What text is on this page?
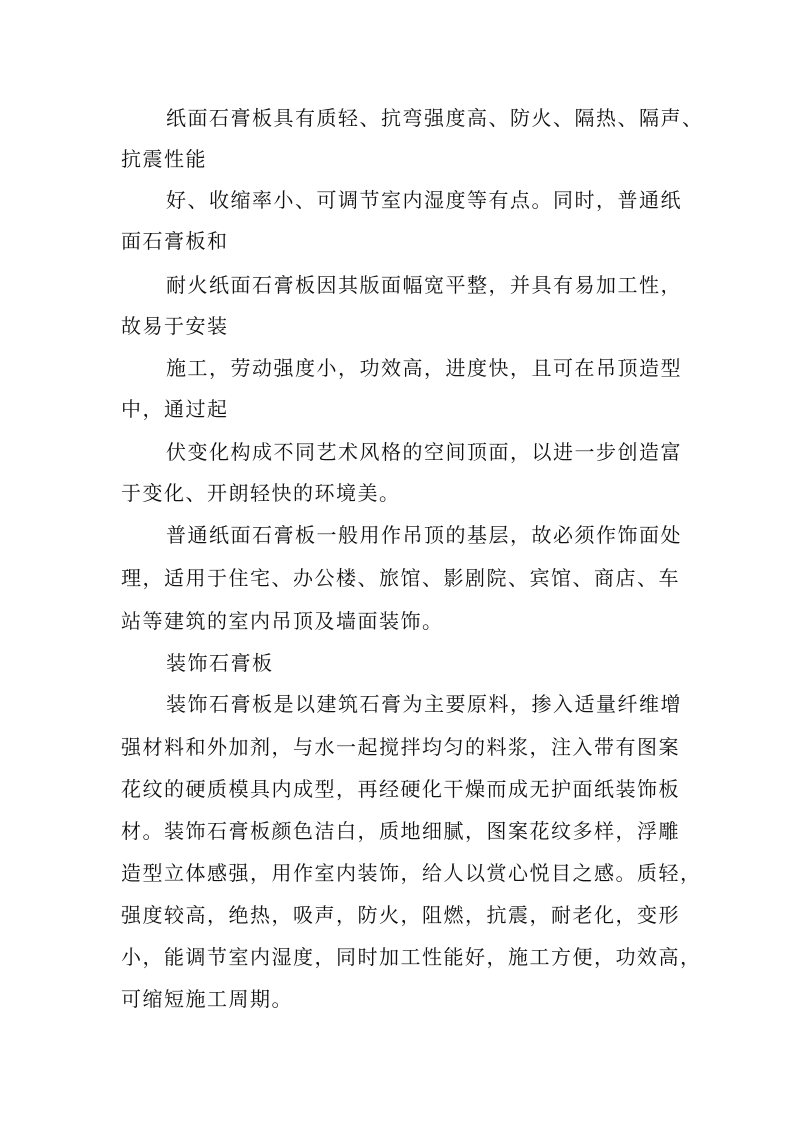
纸面石膏板具有质轻、抗弯强度高、防火、隔热、隔声、
抗震性能
好、收缩率小、可调节室内湿度等有点。同时，普通纸
面石膏板和
耐火纸面石膏板因其版面幅宽平整，并具有易加工性，
故易于安装
施工，劳动强度小，功效高，进度快，且可在吊顶造型
中，通过起
伏变化构成不同艺术风格的空间顶面，以进一步创造富
于变化、开朗轻快的环境美。
普通纸面石膏板一般用作吊顶的基层，故必须作饰面处
理，适用于住宅、办公楼、旅馆、影剧院、宾馆、商店、车
站等建筑的室内吊顶及墙面装饰。
装饰石膏板
装饰石膏板是以建筑石膏为主要原料，掺入适量纤维增
强材料和外加剂，与水一起搅拌均匀的料浆，注入带有图案
花纹的硬质模具内成型，再经硬化干燥而成无护面纸装饰板
材。装饰石膏板颜色洁白，质地细腻，图案花纹多样，浮雕
造型立体感强，用作室内装饰，给人以赏心悦目之感。质轻，
强度较高，绝热，吸声，防火，阻燃，抗震，耐老化，变形
小，能调节室内湿度，同时加工性能好，施工方便，功效高，
可缩短施工周期。
